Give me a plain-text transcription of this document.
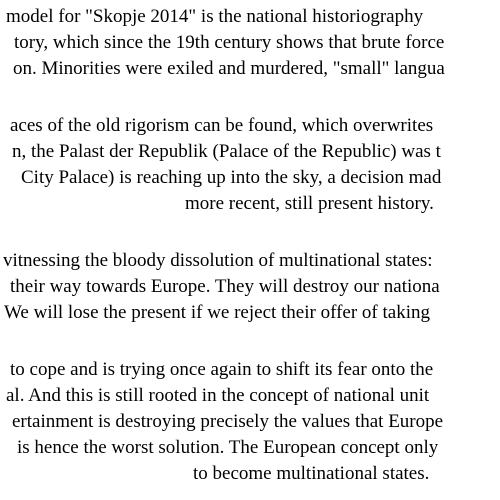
model for "Skopje 2014" is the national historiography
tory, which since the 19th century shows that brute force
on. Minorities were exiled and murdered, "small" langua
aces of the old rigorism can be found, which overwrites
n, the Palast der Republik (Palace of the Republic) was t
City Palace) is reaching up into the sky, a decision mad
more recent, still present history.
vitnessing the bloody dissolution of multinational states:
their way towards Europe. They will destroy our nationa
We will lose the present if we reject their offer of taking
to cope and is trying once again to shift its fear onto the
al. And this is still rooted in the concept of national unit
ertainment is destroying precisely the values that Europe
is hence the worst solution. The European concept only
to become multinational states.
